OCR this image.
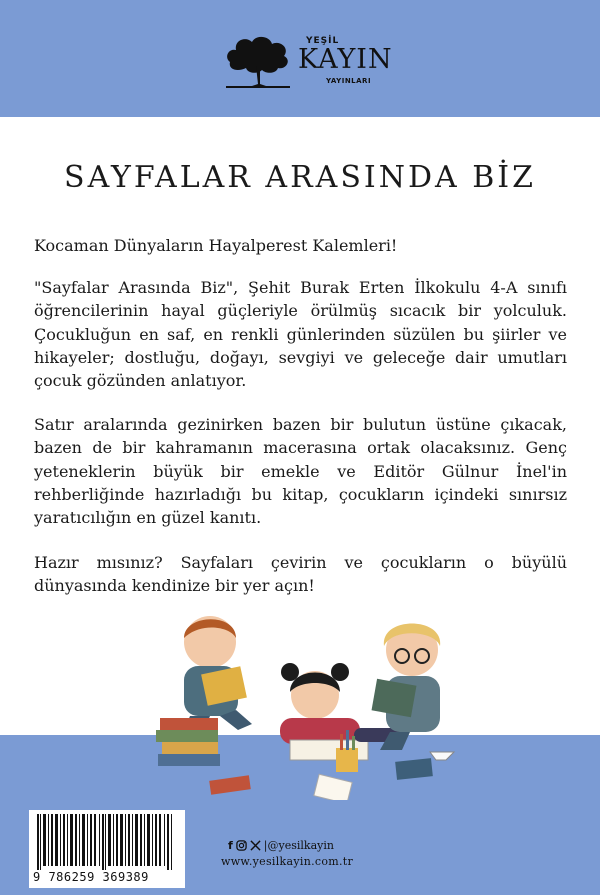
YEŞİL
KAYIN
YAYINLARI
SAYFALAR ARASINDA BİZ

Kocaman Dünyaların Hayalperest Kalemleri!

"Sayfalar Arasında Biz", Şehit Burak Erten İlkokulu 4-A sınıfı öğrencilerinin hayal güçleriyle örülmüş sıcacık bir yolculuk. Çocukluğun en saf, en renkli günlerinden süzülen bu şiirler ve hikayeler; dostluğu, doğayı, sevgiyi ve geleceğe dair umutları çocuk gözünden anlatıyor.

Satır aralarında gezinirken bazen bir bulutun üstüne çıkacak, bazen de bir kahramanın macerasına ortak olacaksınız. Genç yeteneklerin büyük bir emekle ve Editör Gülnur İnel'in rehberliğinde hazırladığı bu kitap, çocukların içindeki sınırsız yaratıcılığın en güzel kanıtı.

Hazır mısınız? Sayfaları çevirin ve çocukların o büyülü dünyasında kendinize bir yer açın!

9 786259 369389
f	|@yesilkayin
www.yesilkayin.com.tr
